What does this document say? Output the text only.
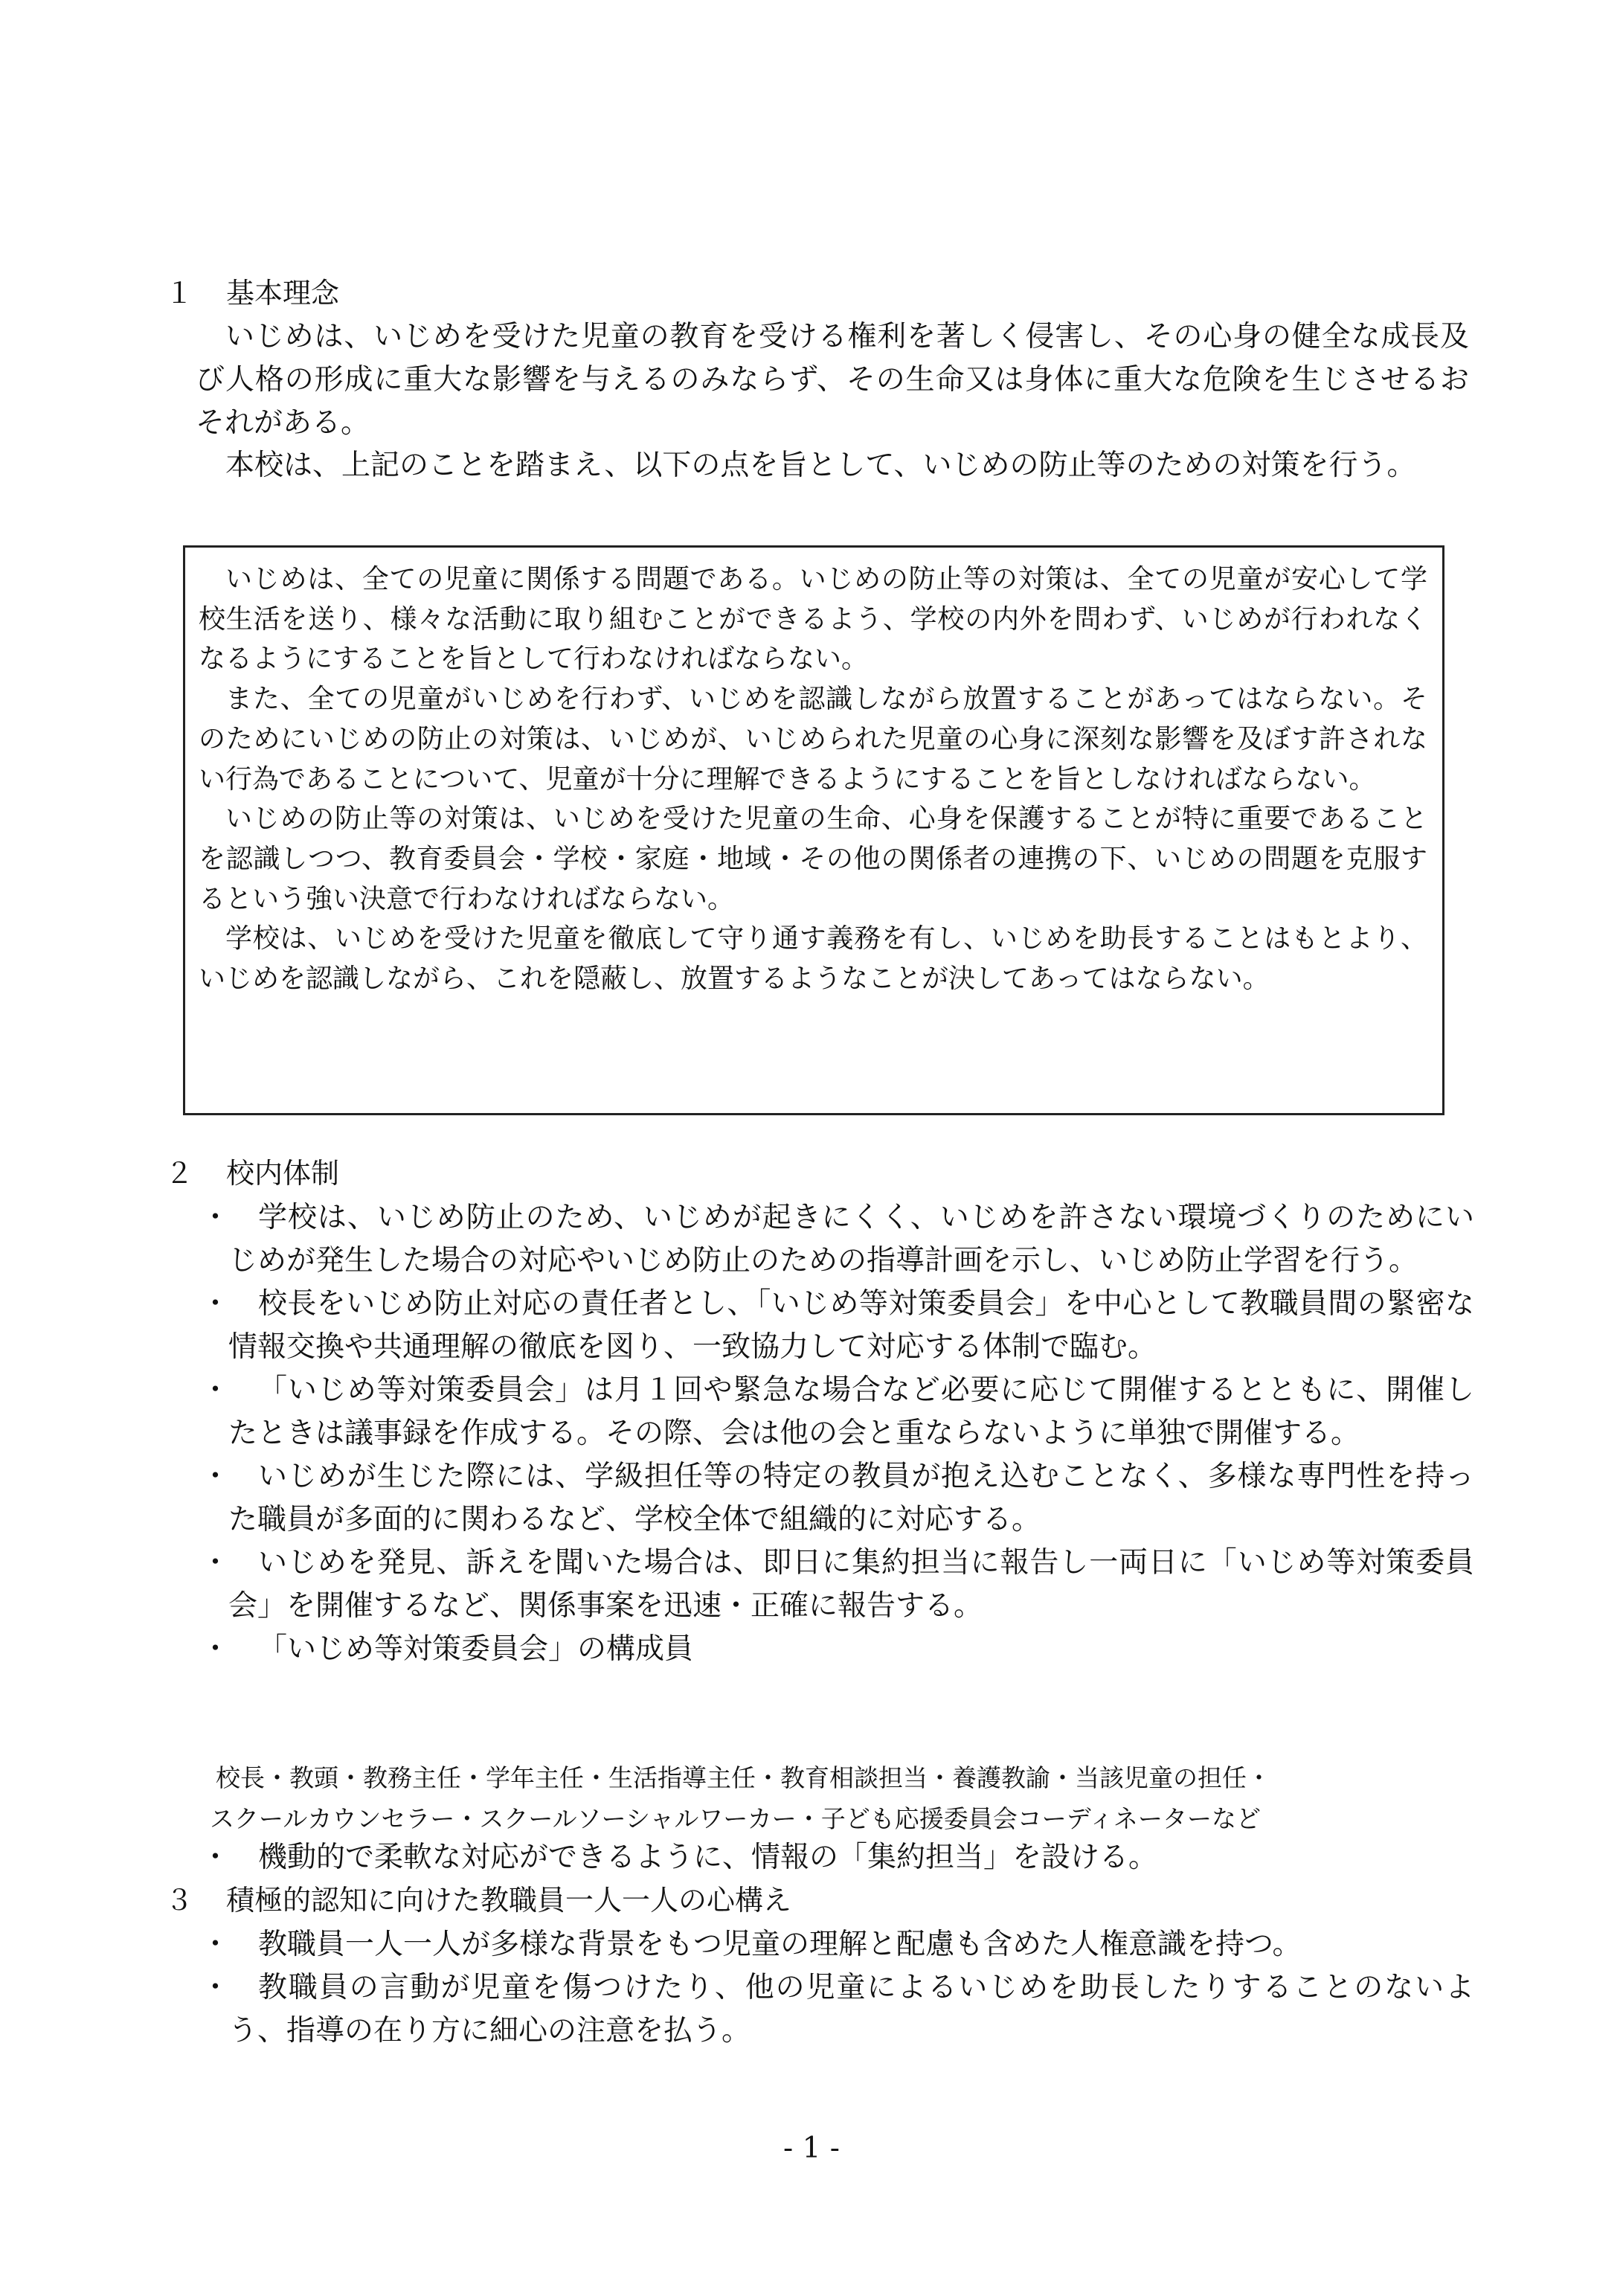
１ 基本理念
いじめは、いじめを受けた児童の教育を受ける権利を著しく侵害し、その心身の健全な成長及び人格の形成に重大な影響を与えるのみならず、その生命又は身体に重大な危険を生じさせるおそれがある。
本校は、上記のことを踏まえ、以下の点を旨として、いじめの防止等のための対策を行う。

いじめは、全ての児童に関係する問題である。いじめの防止等の対策は、全ての児童が安心して学校生活を送り、様々な活動に取り組むことができるよう、学校の内外を問わず、いじめが行われなくなるようにすることを旨として行わなければならない。

また、全ての児童がいじめを行わず、いじめを認識しながら放置することがあってはならない。そのためにいじめの防止の対策は、いじめが、いじめられた児童の心身に深刻な影響を及ぼす許されない行為であることについて、児童が十分に理解できるようにすることを旨としなければならない。

いじめの防止等の対策は、いじめを受けた児童の生命、心身を保護することが特に重要であることを認識しつつ、教育委員会・学校・家庭・地域・その他の関係者の連携の下、いじめの問題を克服するという強い決意で行わなければならない。

学校は、いじめを受けた児童を徹底して守り通す義務を有し、いじめを助長することはもとより、いじめを認識しながら、これを隠蔽し、放置するようなことが決してあってはならない。

２ 校内体制
・ 学校は、いじめ防止のため、いじめが起きにくく、いじめを許さない環境づくりのためにいじめが発生した場合の対応やいじめ防止のための指導計画を示し、いじめ防止学習を行う。
・ 校長をいじめ防止対応の責任者とし、「いじめ等対策委員会」を中心として教職員間の緊密な情報交換や共通理解の徹底を図り、一致協力して対応する体制で臨む。
・ 「いじめ等対策委員会」は月１回や緊急な場合など必要に応じて開催するとともに、開催したときは議事録を作成する。その際、会は他の会と重ならないように単独で開催する。
・ いじめが生じた際には、学級担任等の特定の教員が抱え込むことなく、多様な専門性を持った職員が多面的に関わるなど、学校全体で組織的に対応する。
・ いじめを発見、訴えを聞いた場合は、即日に集約担当に報告し一両日に「いじめ等対策委員会」を開催するなど、関係事案を迅速・正確に報告する。
・ 「いじめ等対策委員会」の構成員
校長・教頭・教務主任・学年主任・生活指導主任・教育相談担当・養護教諭・当該児童の担任・
スクールカウンセラー・スクールソーシャルワーカー・子ども応援委員会コーディネーターなど
・ 機動的で柔軟な対応ができるように、情報の「集約担当」を設ける。
３ 積極的認知に向けた教職員一人一人の心構え
・ 教職員一人一人が多様な背景をもつ児童の理解と配慮も含めた人権意識を持つ。
・ 教職員の言動が児童を傷つけたり、他の児童によるいじめを助長したりすることのないよう、指導の在り方に細心の注意を払う。
- 1 -
